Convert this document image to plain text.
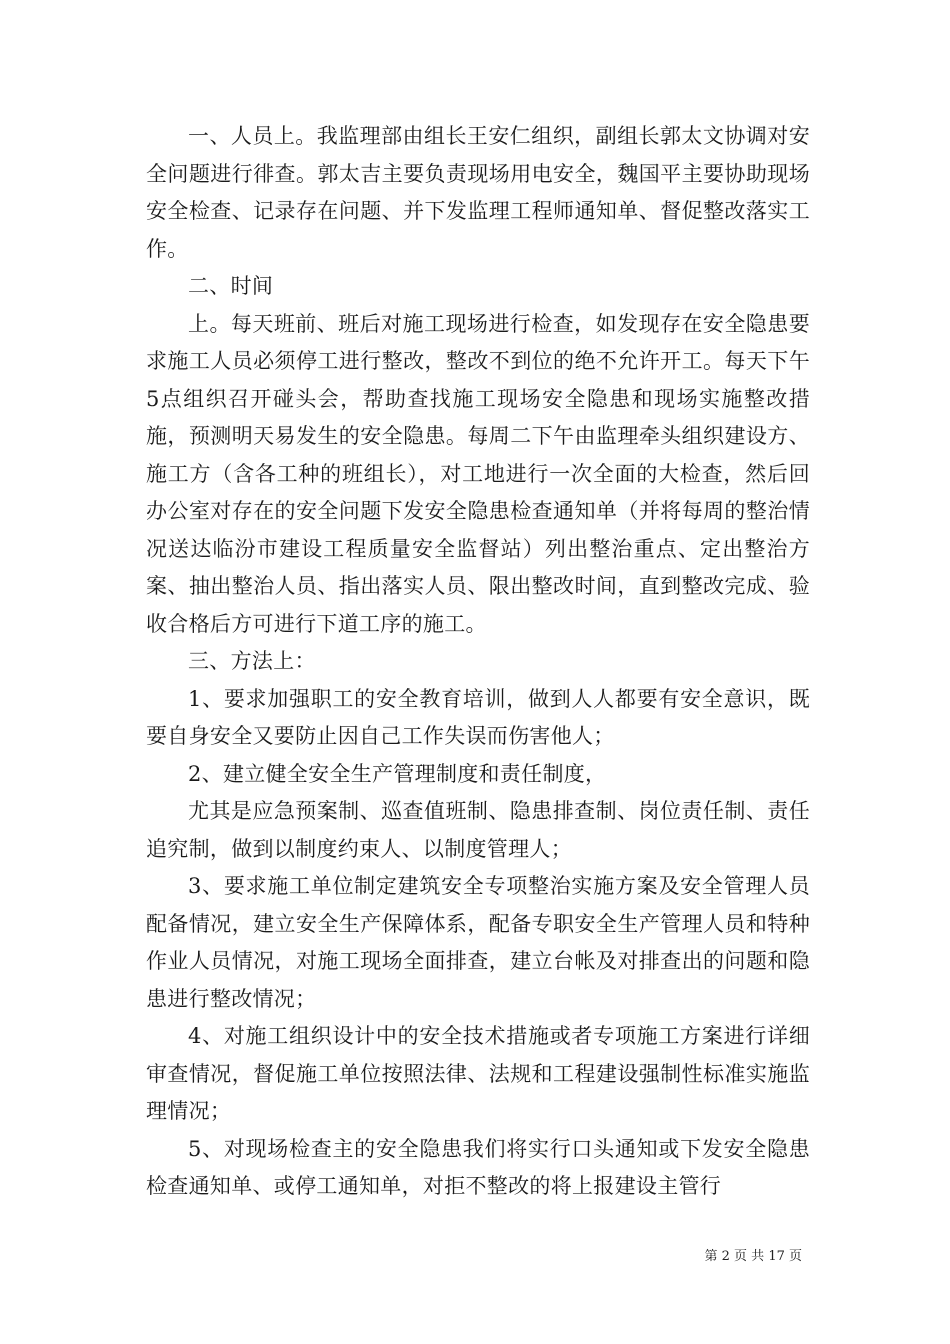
一、人员上。我监理部由组长王安仁组织，副组长郭太文协调对安全问题进行徘查。郭太吉主要负责现场用电安全，魏国平主要协助现场安全检查、记录存在问题、并下发监理工程师通知单、督促整改落实工作。

二、时间

上。每天班前、班后对施工现场进行检查，如发现存在安全隐患要求施工人员必须停工进行整改，整改不到位的绝不允许开工。每天下午5点组织召开碰头会，帮助查找施工现场安全隐患和现场实施整改措施，预测明天易发生的安全隐患。每周二下午由监理牵头组织建设方、施工方（含各工种的班组长），对工地进行一次全面的大检查，然后回办公室对存在的安全问题下发安全隐患检查通知单（并将每周的整治情况送达临汾市建设工程质量安全监督站）列出整治重点、定出整治方案、抽出整治人员、指出落实人员、限出整改时间，直到整改完成、验收合格后方可进行下道工序的施工。

三、方法上：

1、要求加强职工的安全教育培训，做到人人都要有安全意识，既要自身安全又要防止因自己工作失误而伤害他人；

2、建立健全安全生产管理制度和责任制度，

尤其是应急预案制、巡查值班制、隐患排查制、岗位责任制、责任追究制，做到以制度约束人、以制度管理人；

3、要求施工单位制定建筑安全专项整治实施方案及安全管理人员配备情况，建立安全生产保障体系，配备专职安全生产管理人员和特种作业人员情况，对施工现场全面排查，建立台帐及对排查出的问题和隐患进行整改情况；

4、对施工组织设计中的安全技术措施或者专项施工方案进行详细审查情况，督促施工单位按照法律、法规和工程建设强制性标准实施监理情况；

5、对现场检查主的安全隐患我们将实行口头通知或下发安全隐患检查通知单、或停工通知单，对拒不整改的将上报建设主管行

第 2 页 共 17 页
